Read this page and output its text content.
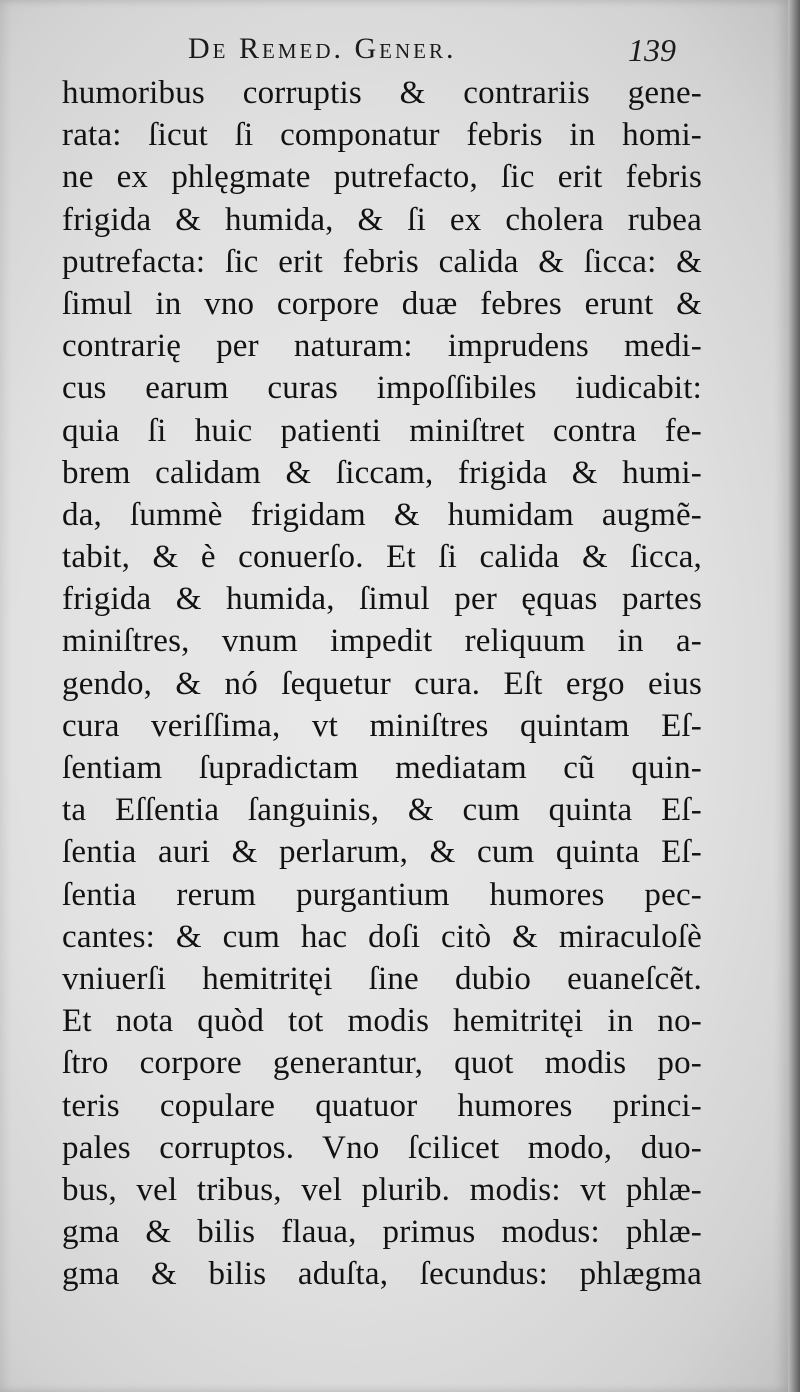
De Remed. Gener.	139
humoribus corruptis & contrariis gene-
rata: ſicut ſi componatur febris in homi-
ne ex phlęgmate putrefacto, ſic erit febris
frigida & humida, & ſi ex cholera rubea
putrefacta: ſic erit febris calida & ſicca: &
ſimul in vno corpore duæ febres erunt &
contrarię per naturam: imprudens medi-
cus earum curas impoſſibiles iudicabit:
quia ſi huic patienti miniſtret contra fe-
brem calidam & ſiccam, frigida & humi-
da, ſummè frigidam & humidam augmẽ-
tabit, & è conuerſo. Et ſi calida & ſicca,
frigida & humida, ſimul per ęquas partes
miniſtres, vnum impedit reliquum in a-
gendo, & nó ſequetur cura. Eſt ergo eius
cura veriſſima, vt miniſtres quintam Eſ-
ſentiam ſupradictam mediatam cũ quin-
ta Eſſentia ſanguinis, & cum quinta Eſ-
ſentia auri & perlarum, & cum quinta Eſ-
ſentia rerum purgantium humores pec-
cantes: & cum hac doſi citò & miraculoſè
vniuerſi hemitritęi ſine dubio euaneſcẽt.
Et nota quòd tot modis hemitritęi in no-
ſtro corpore generantur, quot modis po-
teris copulare quatuor humores princi-
pales corruptos. Vno ſcilicet modo, duo-
bus, vel tribus, vel plurib. modis: vt phlæ-
gma & bilis flaua, primus modus: phlæ-
gma & bilis aduſta, ſecundus: phlægma
